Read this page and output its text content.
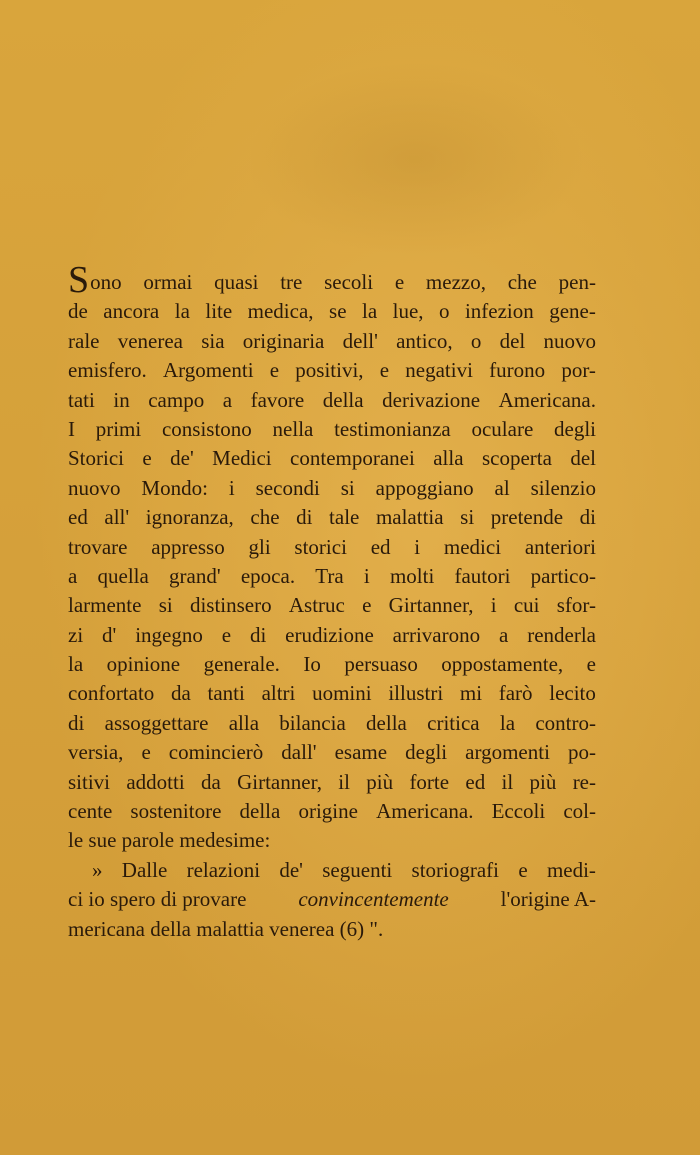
Sono ormai quasi tre secoli e mezzo, che pen-
de ancora la lite medica, se la lue, o infezion gene-
rale venerea sia originaria dell' antico, o del nuovo
emisfero. Argomenti e positivi, e negativi furono por-
tati in campo a favore della derivazione Americana.
I primi consistono nella testimonianza oculare degli
Storici e de' Medici contemporanei alla scoperta del
nuovo Mondo: i secondi si appoggiano al silenzio
ed all' ignoranza, che di tale malattia si pretende di
trovare appresso gli storici ed i medici anteriori
a quella grand' epoca. Tra i molti fautori partico-
larmente si distinsero Astruc e Girtanner, i cui sfor-
zi d' ingegno e di erudizione arrivarono a renderla
la opinione generale. Io persuaso oppostamente, e
confortato da tanti altri uomini illustri mi farò lecito
di assoggettare alla bilancia della critica la contro-
versia, e comincierò dall' esame degli argomenti po-
sitivi addotti da Girtanner, il più forte ed il più re-
cente sostenitore della origine Americana. Eccoli col-
le sue parole medesime:
» Dalle relazioni de' seguenti storiografi e medi-
ci io spero di provare convincentemente l'origine A-
mericana della malattia venerea (6) ".
